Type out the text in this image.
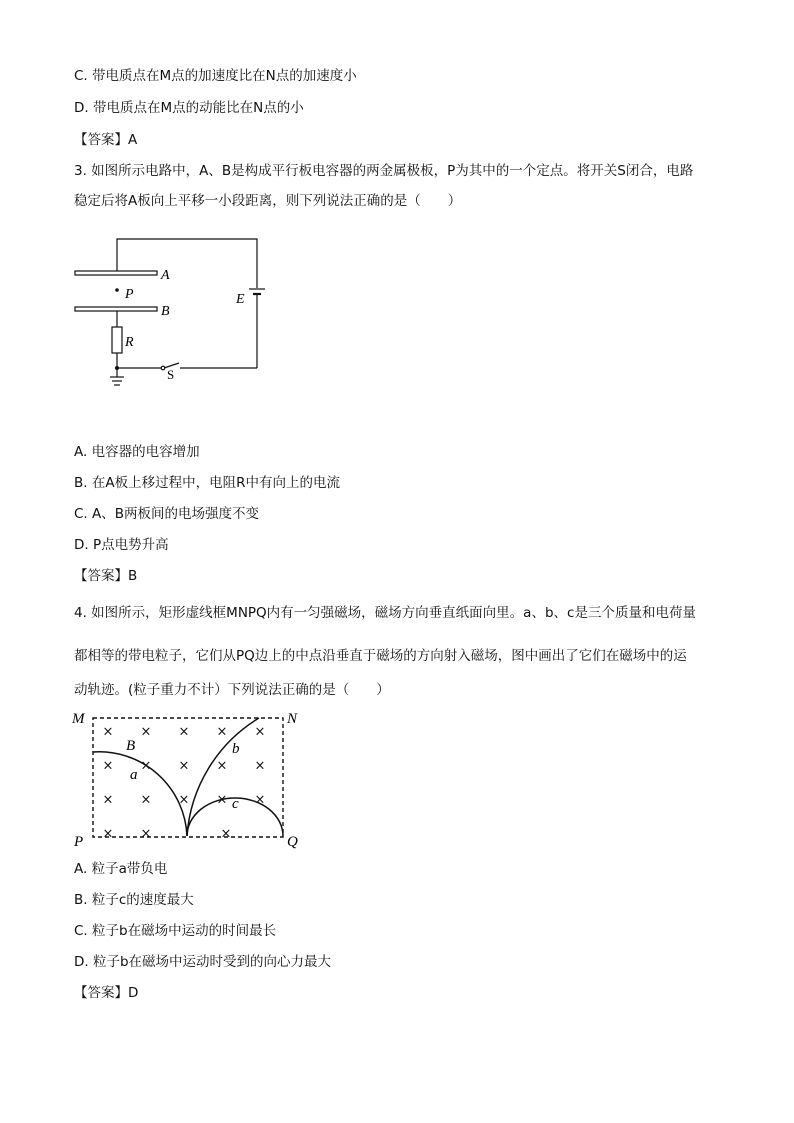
C. 带电质点在M点的加速度比在N点的加速度小
D. 带电质点在M点的动能比在N点的小
【答案】A
3. 如图所示电路中，A、B是构成平行板电容器的两金属极板，P为其中的一个定点。将开关S闭合，电路
稳定后将A板向上平移一小段距离，则下列说法正确的是（　　）
A
P
B
E
R
S
A. 电容器的电容增加
B. 在A板上移过程中，电阻R中有向上的电流
C. A、B两板间的电场强度不变
D. P点电势升高
【答案】B
4. 如图所示，矩形虚线框MNPQ内有一匀强磁场，磁场方向垂直纸面向里。a、b、c是三个质量和电荷量
都相等的带电粒子，它们从PQ边上的中点沿垂直于磁场的方向射入磁场，图中画出了它们在磁场中的运
动轨迹。(粒子重力不计）下列说法正确的是（　　）
× × × × ×
× × × × ×
× × × × ×
× ×	×
M	N
P	Q
B
a
b
c
A. 粒子a带负电
B. 粒子c的速度最大
C. 粒子b在磁场中运动的时间最长
D. 粒子b在磁场中运动时受到的向心力最大
【答案】D
